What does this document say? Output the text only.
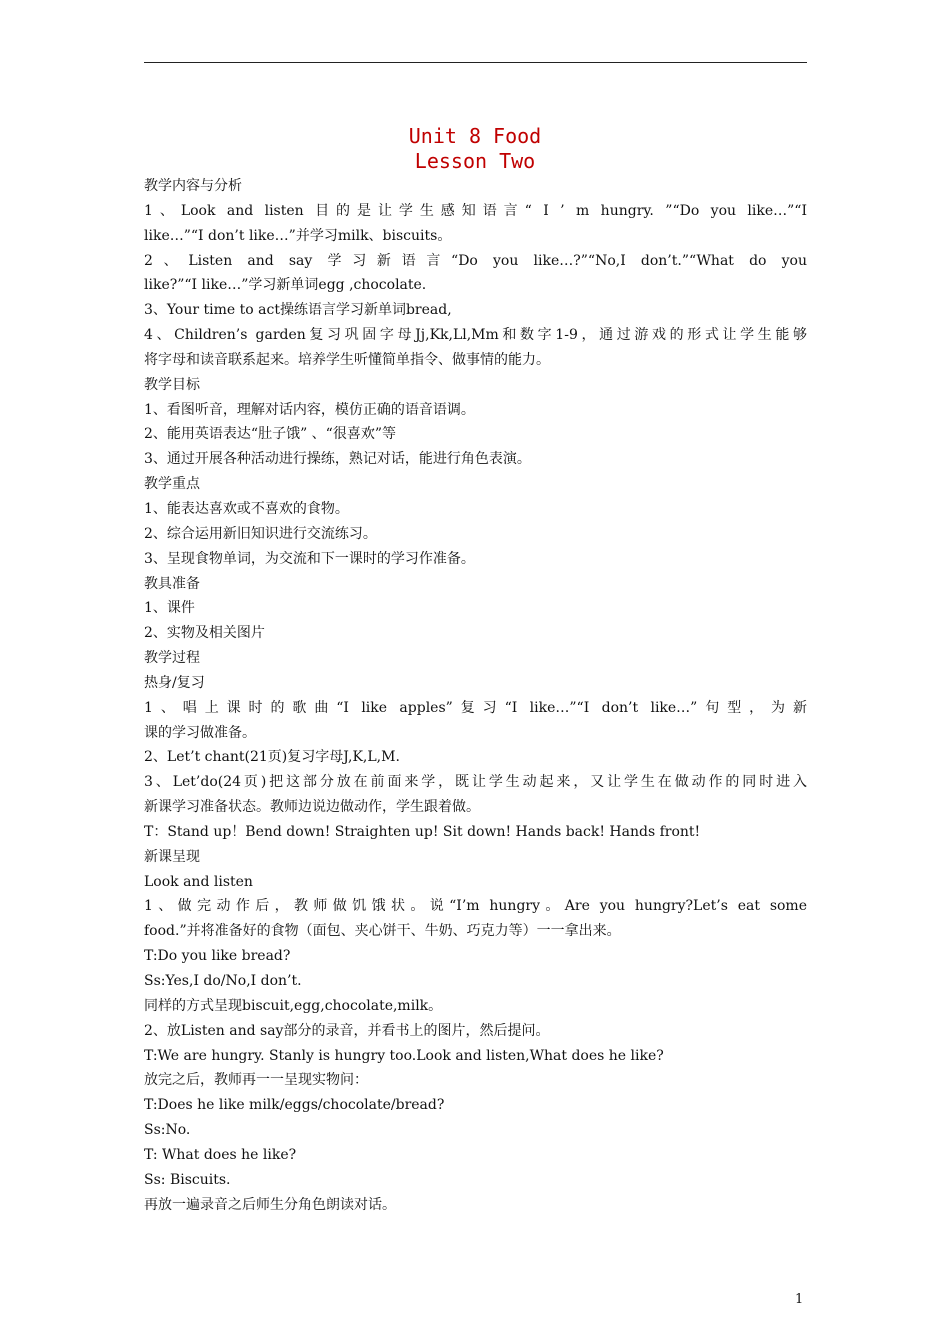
Unit 8 Food
Lesson Two
教学内容与分析
1、Look and listen 目的是让学生感知语言“ I ’ m hungry. ”“Do you like…”“I
like…”“I don’t like…”并学习milk、biscuits。
2、Listen and say 学习新语言“Do you like…?”“No,I don’t.”“What do you
like?”“I like…”学习新单词egg ,chocolate.
3、Your time to act操练语言学习新单词bread,
4、Children’s garden复习巩固字母Jj,Kk,Ll,Mm和数字1-9，通过游戏的形式让学生能够
将字母和读音联系起来。培养学生听懂简单指令、做事情的能力。
教学目标
1、看图听音，理解对话内容，模仿正确的语音语调。
2、能用英语表达“肚子饿” 、“很喜欢”等
3、通过开展各种活动进行操练，熟记对话，能进行角色表演。
教学重点
1、能表达喜欢或不喜欢的食物。
2、综合运用新旧知识进行交流练习。
3、呈现食物单词，为交流和下一课时的学习作准备。
教具准备
1、课件
2、实物及相关图片
教学过程
热身/复习
1、唱上课时的歌曲“I like apples”复习“I like…”“I don’t like…”句型，为新
课的学习做准备。
2、Let’t chant(21页)复习字母J,K,L,M.
3、Let’do(24页)把这部分放在前面来学，既让学生动起来，又让学生在做动作的同时进入
新课学习准备状态。教师边说边做动作，学生跟着做。
T：Stand up！Bend down! Straighten up! Sit down! Hands back! Hands front!
新课呈现
Look and listen
1、做完动作后，教师做饥饿状。说“I’m hungry。Are you hungry?Let’s eat some
food.”并将准备好的食物（面包、夹心饼干、牛奶、巧克力等）一一拿出来。
T:Do you like bread?
Ss:Yes,I do/No,I don’t.
同样的方式呈现biscuit,egg,chocolate,milk。
2、放Listen and say部分的录音，并看书上的图片，然后提问。
T:We are hungry. Stanly is hungry too.Look and listen,What does he like?
放完之后，教师再一一呈现实物问：
T:Does he like milk/eggs/chocolate/bread?
Ss:No.
T: What does he like?
Ss: Biscuits.
再放一遍录音之后师生分角色朗读对话。
1
